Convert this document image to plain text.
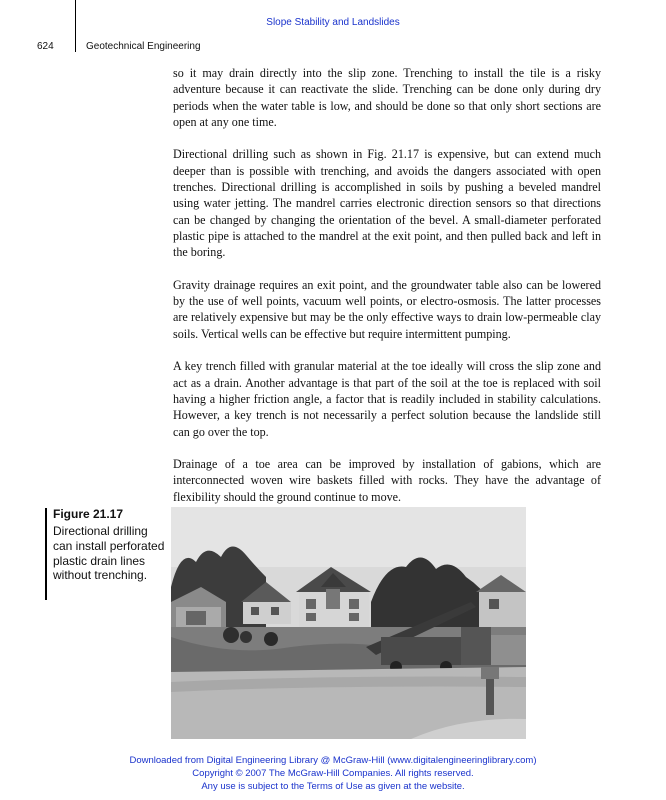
Slope Stability and Landslides
624	Geotechnical Engineering

so it may drain directly into the slip zone. Trenching to install the tile is a risky adventure because it can reactivate the slide. Trenching can be done only during dry periods when the water table is low, and should be done so that only short sections are open at any one time.

Directional drilling such as shown in Fig. 21.17 is expensive, but can extend much deeper than is possible with trenching, and avoids the dangers associated with open trenches. Directional drilling is accomplished in soils by pushing a beveled mandrel using water jetting. The mandrel carries electronic direction sensors so that directions can be changed by changing the orientation of the bevel. A small-diameter perforated plastic pipe is attached to the mandrel at the exit point, and then pulled back and left in the boring.

Gravity drainage requires an exit point, and the groundwater table also can be lowered by the use of well points, vacuum well points, or electro-osmosis. The latter processes are relatively expensive but may be the only effective ways to drain low-permeable clay soils. Vertical wells can be effective but require intermittent pumping.

A key trench filled with granular material at the toe ideally will cross the slip zone and act as a drain. Another advantage is that part of the soil at the toe is replaced with soil having a higher friction angle, a factor that is readily included in stability calculations. However, a key trench is not necessarily a perfect solution because the landslide still can go over the top.

Drainage of a toe area can be improved by installation of gabions, which are interconnected woven wire baskets filled with rocks. They have the advantage of flexibility should the ground continue to move.

Figure 21.17
Directional drilling can install perforated plastic drain lines without trenching.
Downloaded from Digital Engineering Library @ McGraw-Hill (www.digitalengineeringlibrary.com)
Copyright © 2007 The McGraw-Hill Companies. All rights reserved.
Any use is subject to the Terms of Use as given at the website.
